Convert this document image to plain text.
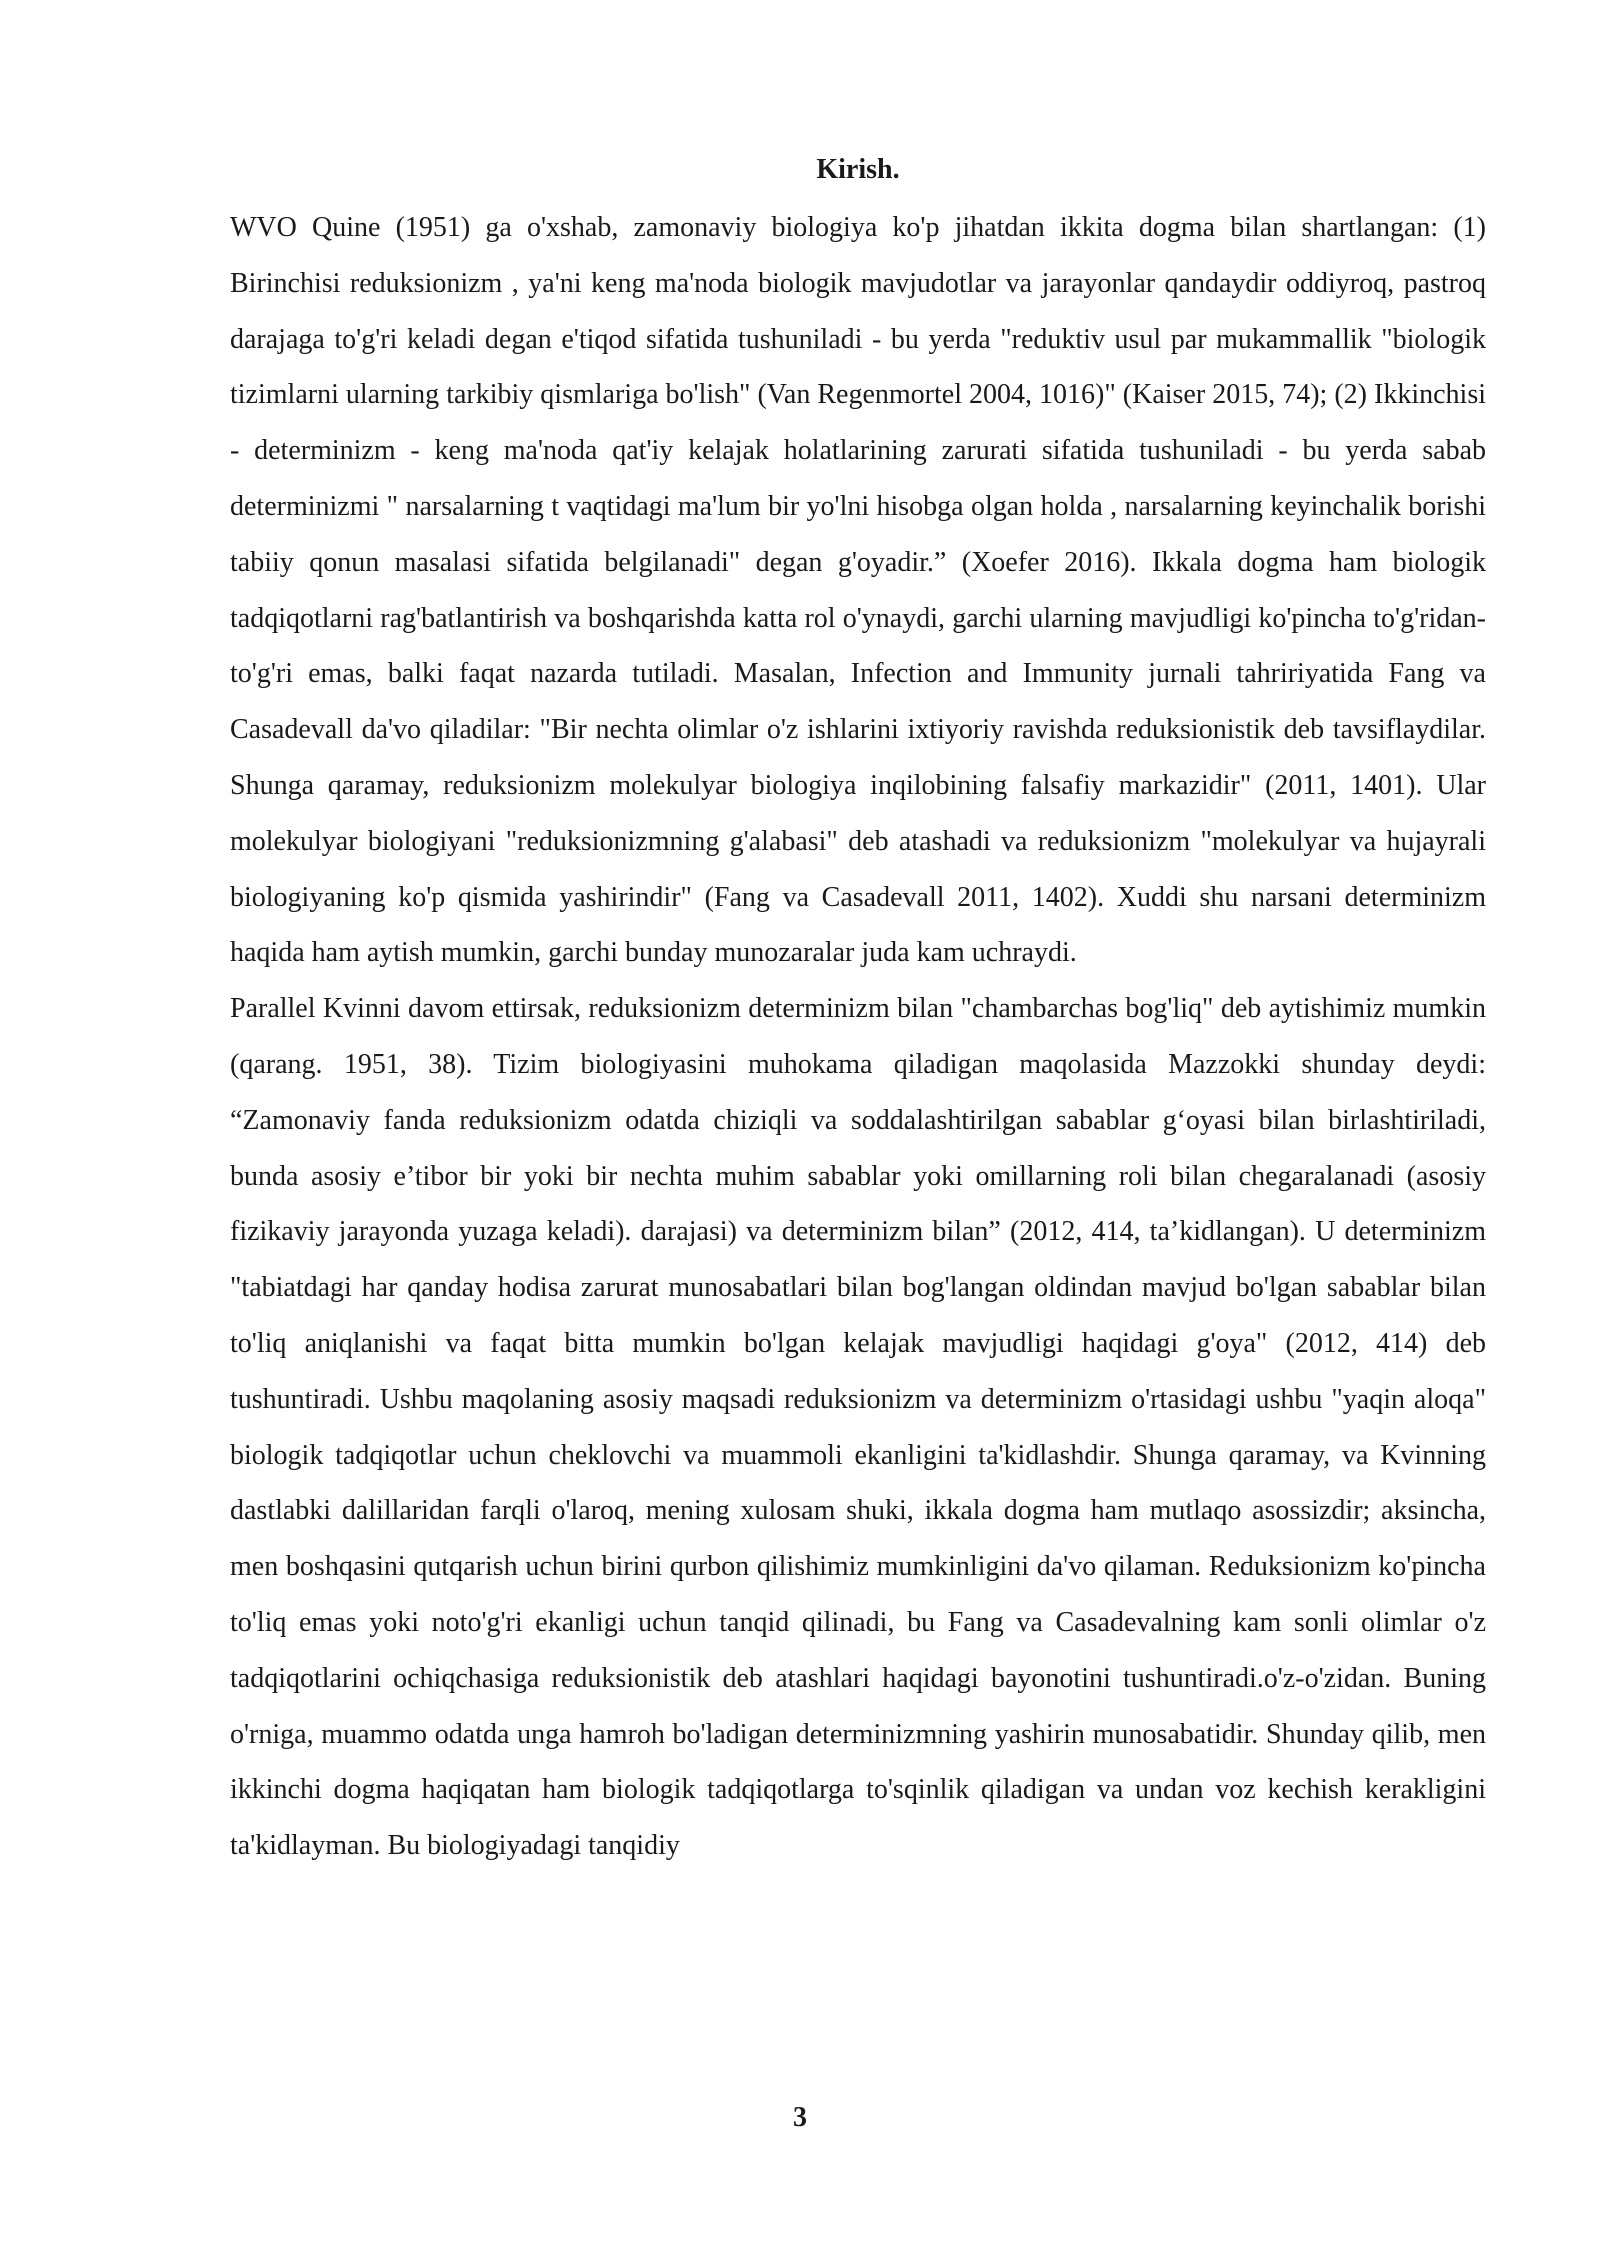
Kirish.

WVO Quine (1951) ga o'xshab, zamonaviy biologiya ko'p jihatdan ikkita dogma bilan shartlangan: (1) Birinchisi reduksionizm , ya'ni keng ma'noda biologik mavjudotlar va jarayonlar qandaydir oddiyroq, pastroq darajaga to'g'ri keladi degan e'tiqod sifatida tushuniladi - bu yerda "reduktiv usul par mukammallik "biologik tizimlarni ularning tarkibiy qismlariga bo'lish" (Van Regenmortel 2004, 1016)" (Kaiser 2015, 74); (2) Ikkinchisi - determinizm - keng ma'noda qat'iy kelajak holatlarining zarurati sifatida tushuniladi - bu yerda sabab determinizmi " narsalarning t vaqtidagi ma'lum bir yo'lni hisobga olgan holda , narsalarning keyinchalik borishi tabiiy qonun masalasi sifatida belgilanadi" degan g'oyadir.” (Xoefer 2016). Ikkala dogma ham biologik tadqiqotlarni rag'batlantirish va boshqarishda katta rol o'ynaydi, garchi ularning mavjudligi ko'pincha to'g'ridan-to'g'ri emas, balki faqat nazarda tutiladi. Masalan, Infection and Immunity jurnali tahririyatida Fang va Casadevall da'vo qiladilar: "Bir nechta olimlar o'z ishlarini ixtiyoriy ravishda reduksionistik deb tavsiflaydilar. Shunga qaramay, reduksionizm molekulyar biologiya inqilobining falsafiy markazidir" (2011, 1401). Ular molekulyar biologiyani "reduksionizmning g'alabasi" deb atashadi va reduksionizm "molekulyar va hujayrali biologiyaning ko'p qismida yashirindir" (Fang va Casadevall 2011, 1402). Xuddi shu narsani determinizm haqida ham aytish mumkin, garchi bunday munozaralar juda kam uchraydi.

Parallel Kvinni davom ettirsak, reduksionizm determinizm bilan "chambarchas bog'liq" deb aytishimiz mumkin (qarang. 1951, 38). Tizim biologiyasini muhokama qiladigan maqolasida Mazzokki shunday deydi: “Zamonaviy fanda reduksionizm odatda chiziqli va soddalashtirilgan sabablar g‘oyasi bilan birlashtiriladi, bunda asosiy e’tibor bir yoki bir nechta muhim sabablar yoki omillarning roli bilan chegaralanadi (asosiy fizikaviy jarayonda yuzaga keladi). darajasi) va determinizm bilan” (2012, 414, ta’kidlangan). U determinizm "tabiatdagi har qanday hodisa zarurat munosabatlari bilan bog'langan oldindan mavjud bo'lgan sabablar bilan to'liq aniqlanishi va faqat bitta mumkin bo'lgan kelajak mavjudligi haqidagi g'oya" (2012, 414) deb tushuntiradi. Ushbu maqolaning asosiy maqsadi reduksionizm va determinizm o'rtasidagi ushbu "yaqin aloqa" biologik tadqiqotlar uchun cheklovchi va muammoli ekanligini ta'kidlashdir. Shunga qaramay, va Kvinning dastlabki dalillaridan farqli o'laroq, mening xulosam shuki, ikkala dogma ham mutlaqo asossizdir; aksincha, men boshqasini qutqarish uchun birini qurbon qilishimiz mumkinligini da'vo qilaman. Reduksionizm ko'pincha to'liq emas yoki noto'g'ri ekanligi uchun tanqid qilinadi, bu Fang va Casadevalning kam sonli olimlar o'z tadqiqotlarini ochiqchasiga reduksionistik deb atashlari haqidagi bayonotini tushuntiradi.o'z-o'zidan. Buning o'rniga, muammo odatda unga hamroh bo'ladigan determinizmning yashirin munosabatidir. Shunday qilib, men ikkinchi dogma haqiqatan ham biologik tadqiqotlarga to'sqinlik qiladigan va undan voz kechish kerakligini ta'kidlayman. Bu biologiyadagi tanqidiy

3
